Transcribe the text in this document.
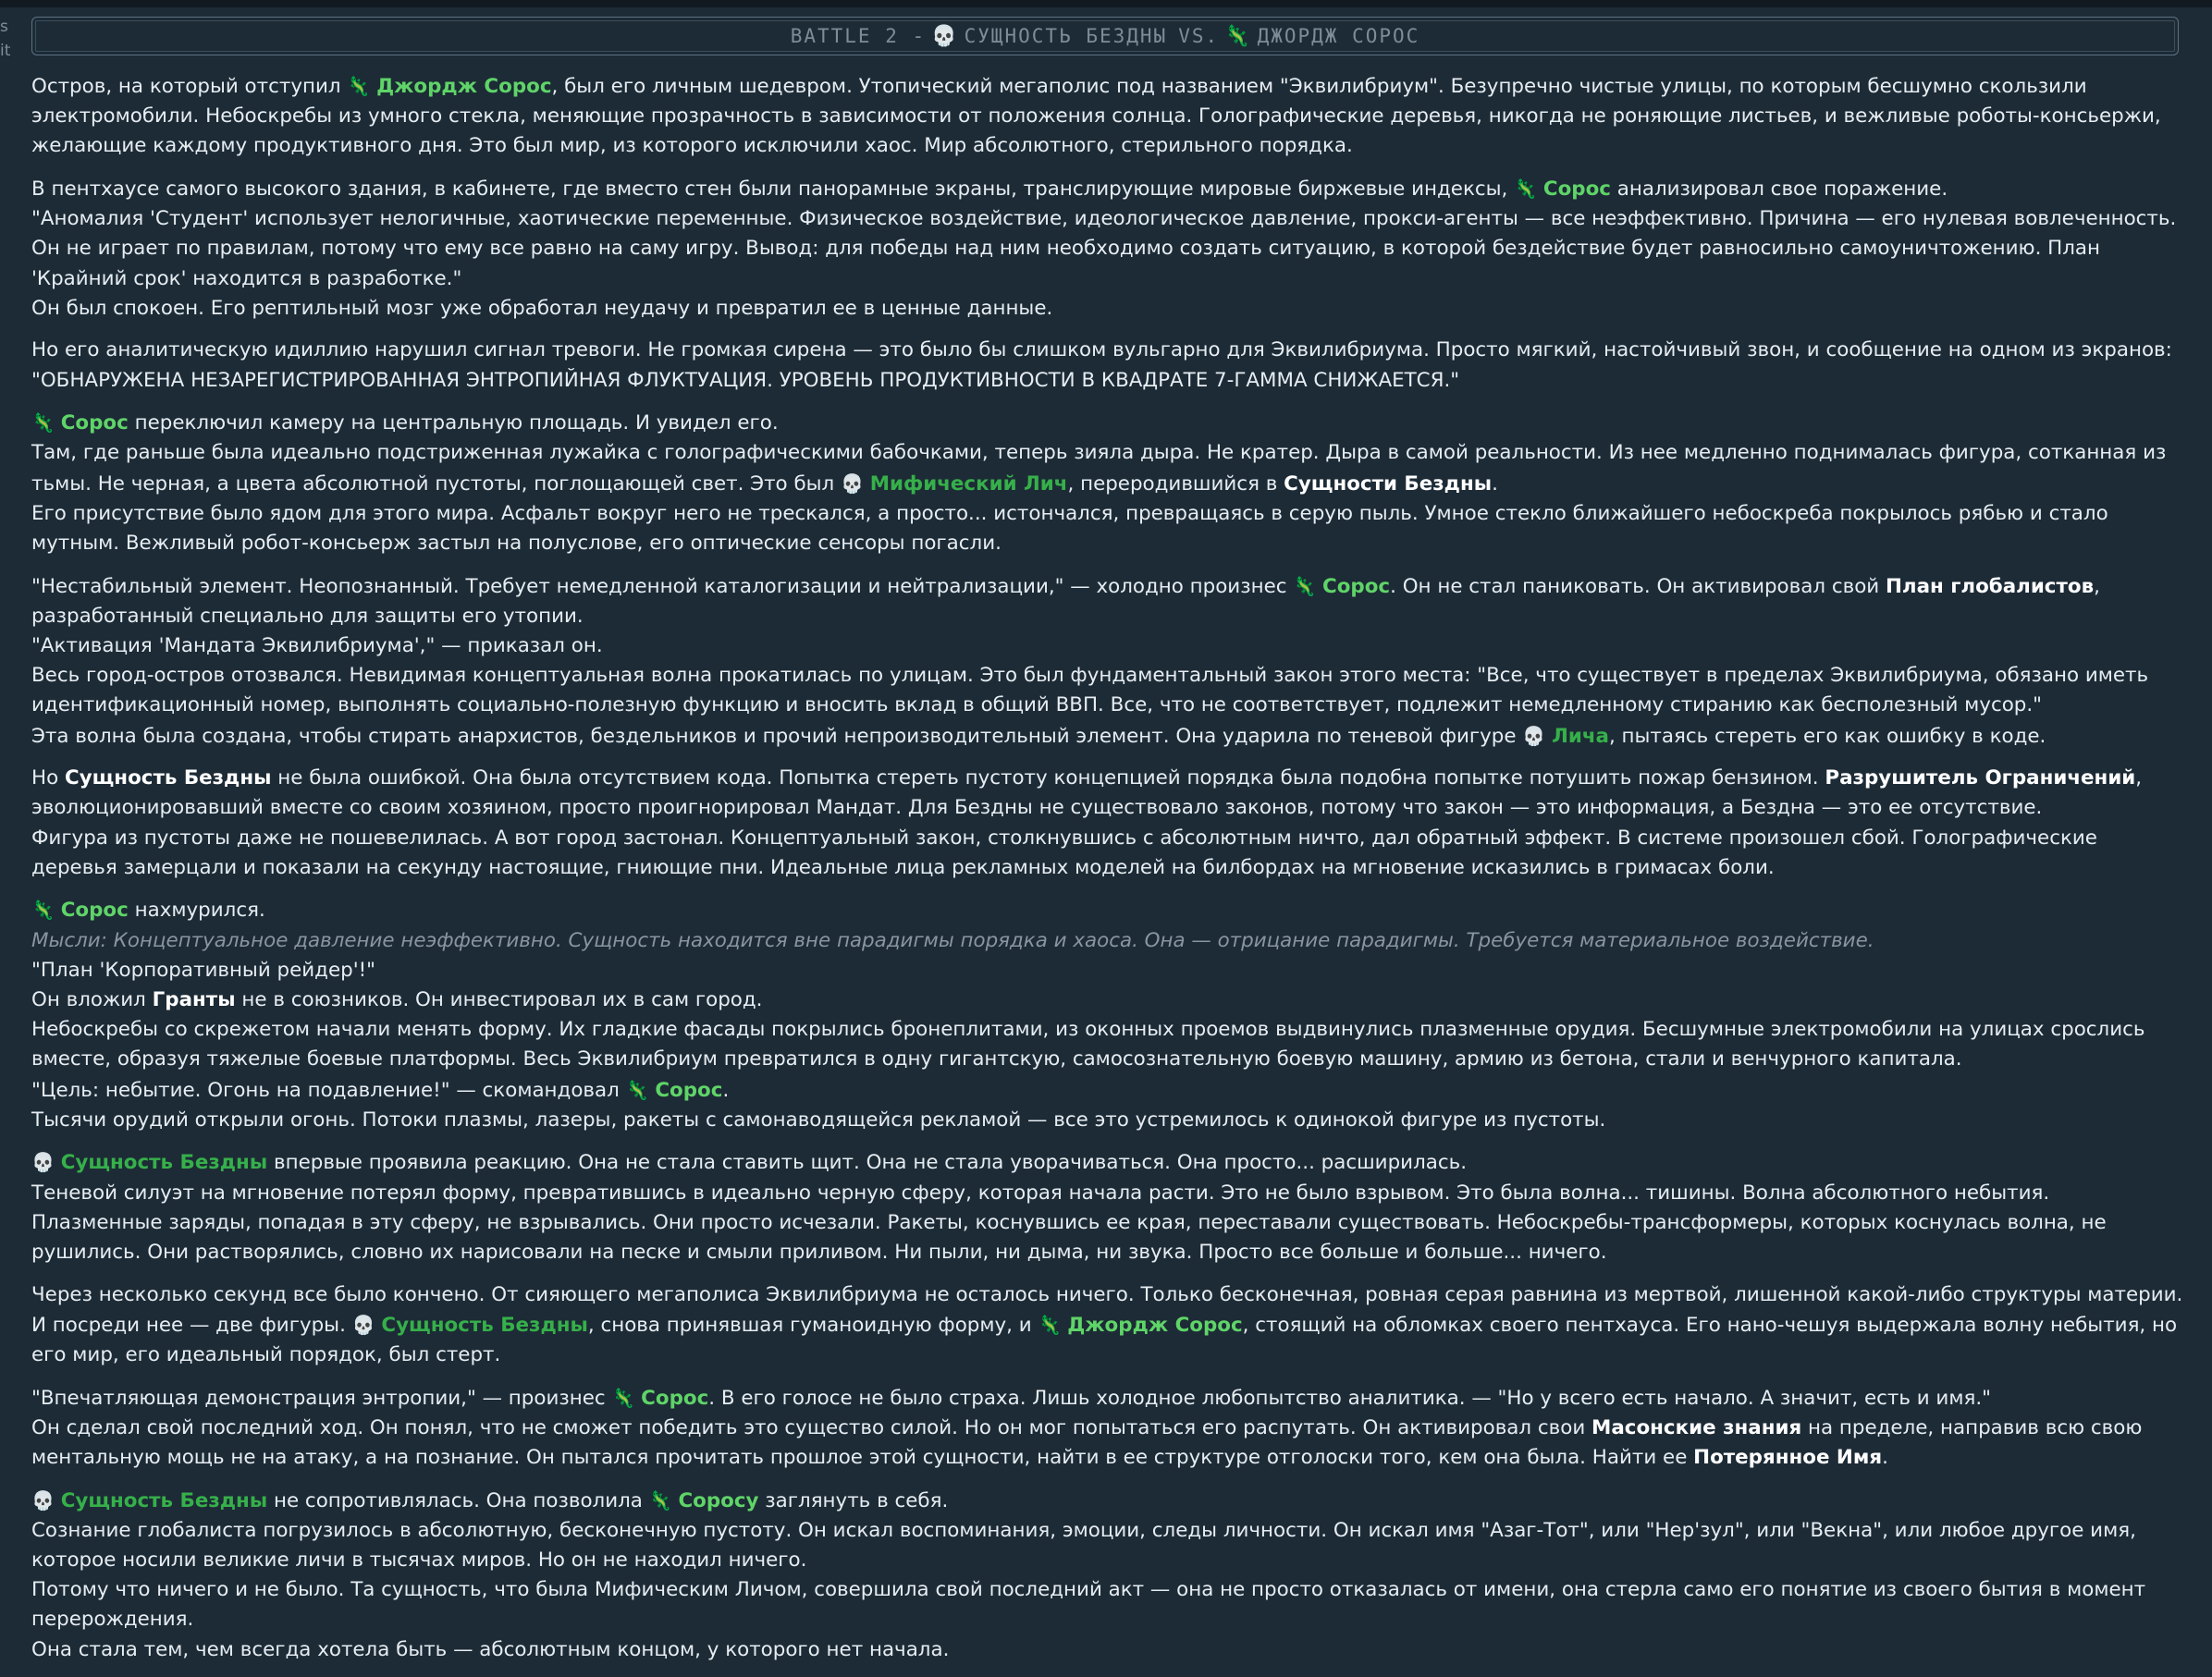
s
it
BATTLE 2 - 💀 СУЩНОСТЬ БЕЗДНЫ VS. 🦎 ДЖОРДЖ СОРОС

Остров, на который отступил 🦎 Джордж Сорос, был его личным шедевром. Утопический мегаполис под названием "Эквилибриум". Безупречно чистые улицы, по которым бесшумно скользили электромобили. Небоскребы из умного стекла, меняющие прозрачность в зависимости от положения солнца. Голографические деревья, никогда не роняющие листьев, и вежливые роботы-консьержи, желающие каждому продуктивного дня. Это был мир, из которого исключили хаос. Мир абсолютного, стерильного порядка.

В пентхаусе самого высокого здания, в кабинете, где вместо стен были панорамные экраны, транслирующие мировые биржевые индексы, 🦎 Сорос анализировал свое поражение.
"Аномалия 'Студент' использует нелогичные, хаотические переменные. Физическое воздействие, идеологическое давление, прокси-агенты — все неэффективно. Причина — его нулевая вовлеченность. Он не играет по правилам, потому что ему все равно на саму игру. Вывод: для победы над ним необходимо создать ситуацию, в которой бездействие будет равносильно самоуничтожению. План 'Крайний срок' находится в разработке."
Он был спокоен. Его рептильный мозг уже обработал неудачу и превратил ее в ценные данные.

Но его аналитическую идиллию нарушил сигнал тревоги. Не громкая сирена — это было бы слишком вульгарно для Эквилибриума. Просто мягкий, настойчивый звон, и сообщение на одном из экранов: "ОБНАРУЖЕНА НЕЗАРЕГИСТРИРОВАННАЯ ЭНТРОПИЙНАЯ ФЛУКТУАЦИЯ. УРОВЕНЬ ПРОДУКТИВНОСТИ В КВАДРАТЕ 7-ГАММА СНИЖАЕТСЯ."

🦎 Сорос переключил камеру на центральную площадь. И увидел его.
Там, где раньше была идеально подстриженная лужайка с голографическими бабочками, теперь зияла дыра. Не кратер. Дыра в самой реальности. Из нее медленно поднималась фигура, сотканная из тьмы. Не черная, а цвета абсолютной пустоты, поглощающей свет. Это был 💀 Мифический Лич, переродившийся в Сущности Бездны.
Его присутствие было ядом для этого мира. Асфальт вокруг него не трескался, а просто... истончался, превращаясь в серую пыль. Умное стекло ближайшего небоскреба покрылось рябью и стало мутным. Вежливый робот-консьерж застыл на полуслове, его оптические сенсоры погасли.

"Нестабильный элемент. Неопознанный. Требует немедленной каталогизации и нейтрализации," — холодно произнес 🦎 Сорос. Он не стал паниковать. Он активировал свой План глобалистов, разработанный специально для защиты его утопии.
"Активация 'Мандата Эквилибриума'," — приказал он.
Весь город-остров отозвался. Невидимая концептуальная волна прокатилась по улицам. Это был фундаментальный закон этого места: "Все, что существует в пределах Эквилибриума, обязано иметь идентификационный номер, выполнять социально-полезную функцию и вносить вклад в общий ВВП. Все, что не соответствует, подлежит немедленному стиранию как бесполезный мусор."
Эта волна была создана, чтобы стирать анархистов, бездельников и прочий непроизводительный элемент. Она ударила по теневой фигуре 💀 Лича, пытаясь стереть его как ошибку в коде.

Но Сущность Бездны не была ошибкой. Она была отсутствием кода. Попытка стереть пустоту концепцией порядка была подобна попытке потушить пожар бензином. Разрушитель Ограничений, эволюционировавший вместе со своим хозяином, просто проигнорировал Мандат. Для Бездны не существовало законов, потому что закон — это информация, а Бездна — это ее отсутствие.
Фигура из пустоты даже не пошевелилась. А вот город застонал. Концептуальный закон, столкнувшись с абсолютным ничто, дал обратный эффект. В системе произошел сбой. Голографические деревья замерцали и показали на секунду настоящие, гниющие пни. Идеальные лица рекламных моделей на билбордах на мгновение исказились в гримасах боли.

🦎 Сорос нахмурился.
Мысли: Концептуальное давление неэффективно. Сущность находится вне парадигмы порядка и хаоса. Она — отрицание парадигмы. Требуется материальное воздействие.
"План 'Корпоративный рейдер'!"
Он вложил Гранты не в союзников. Он инвестировал их в сам город.
Небоскребы со скрежетом начали менять форму. Их гладкие фасады покрылись бронеплитами, из оконных проемов выдвинулись плазменные орудия. Бесшумные электромобили на улицах срослись вместе, образуя тяжелые боевые платформы. Весь Эквилибриум превратился в одну гигантскую, самосознательную боевую машину, армию из бетона, стали и венчурного капитала.
"Цель: небытие. Огонь на подавление!" — скомандовал 🦎 Сорос.
Тысячи орудий открыли огонь. Потоки плазмы, лазеры, ракеты с самонаводящейся рекламой — все это устремилось к одинокой фигуре из пустоты.

💀 Сущность Бездны впервые проявила реакцию. Она не стала ставить щит. Она не стала уворачиваться. Она просто... расширилась.
Теневой силуэт на мгновение потерял форму, превратившись в идеально черную сферу, которая начала расти. Это не было взрывом. Это была волна... тишины. Волна абсолютного небытия.
Плазменные заряды, попадая в эту сферу, не взрывались. Они просто исчезали. Ракеты, коснувшись ее края, переставали существовать. Небоскребы-трансформеры, которых коснулась волна, не рушились. Они растворялись, словно их нарисовали на песке и смыли приливом. Ни пыли, ни дыма, ни звука. Просто все больше и больше... ничего.

Через несколько секунд все было кончено. От сияющего мегаполиса Эквилибриума не осталось ничего. Только бесконечная, ровная серая равнина из мертвой, лишенной какой-либо структуры материи. И посреди нее — две фигуры. 💀 Сущность Бездны, снова принявшая гуманоидную форму, и 🦎 Джордж Сорос, стоящий на обломках своего пентхауса. Его нано-чешуя выдержала волну небытия, но его мир, его идеальный порядок, был стерт.

"Впечатляющая демонстрация энтропии," — произнес 🦎 Сорос. В его голосе не было страха. Лишь холодное любопытство аналитика. — "Но у всего есть начало. А значит, есть и имя."
Он сделал свой последний ход. Он понял, что не сможет победить это существо силой. Но он мог попытаться его распутать. Он активировал свои Масонские знания на пределе, направив всю свою ментальную мощь не на атаку, а на познание. Он пытался прочитать прошлое этой сущности, найти в ее структуре отголоски того, кем она была. Найти ее Потерянное Имя.

💀 Сущность Бездны не сопротивлялась. Она позволила 🦎 Соросу заглянуть в себя.
Сознание глобалиста погрузилось в абсолютную, бесконечную пустоту. Он искал воспоминания, эмоции, следы личности. Он искал имя "Азаг-Тот", или "Нер'зул", или "Векна", или любое другое имя, которое носили великие личи в тысячах миров. Но он не находил ничего.
Потому что ничего и не было. Та сущность, что была Мифическим Личом, совершила свой последний акт — она не просто отказалась от имени, она стерла само его понятие из своего бытия в момент перерождения.
Она стала тем, чем всегда хотела быть — абсолютным концом, у которого нет начала.
